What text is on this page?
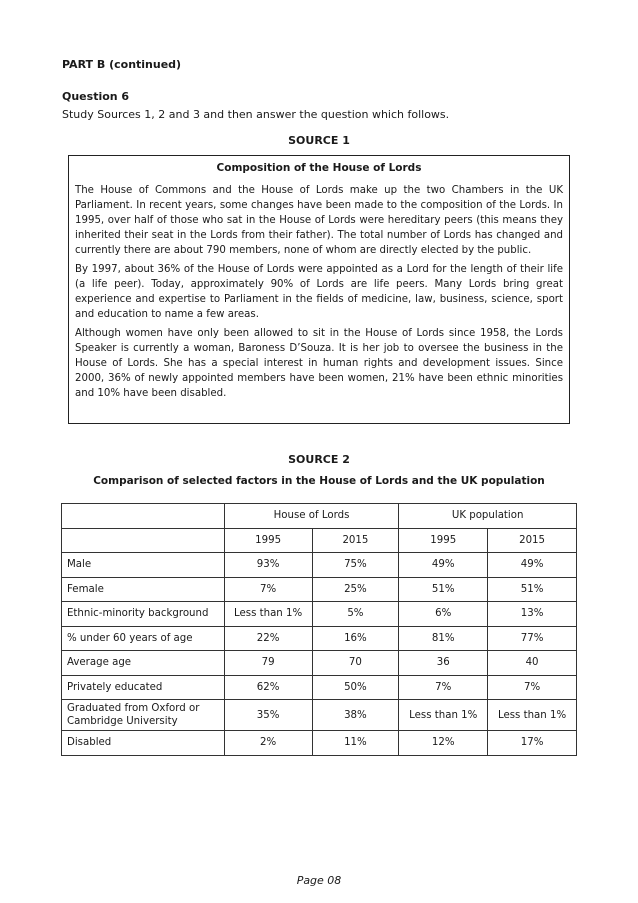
PART B (continued)
Question 6
Study Sources 1, 2 and 3 and then answer the question which follows.
SOURCE 1
Composition of the House of Lords

The House of Commons and the House of Lords make up the two Chambers in the UK Parliament. In recent years, some changes have been made to the composition of the Lords. In 1995, over half of those who sat in the House of Lords were hereditary peers (this means they inherited their seat in the Lords from their father). The total number of Lords has changed and currently there are about 790 members, none of whom are directly elected by the public.

By 1997, about 36% of the House of Lords were appointed as a Lord for the length of their life (a life peer). Today, approximately 90% of Lords are life peers. Many Lords bring great experience and expertise to Parliament in the fields of medicine, law, business, science, sport and education to name a few areas.

Although women have only been allowed to sit in the House of Lords since 1958, the Lords Speaker is currently a woman, Baroness D’Souza. It is her job to oversee the business in the House of Lords. She has a special interest in human rights and development issues. Since 2000, 36% of newly appointed members have been women, 21% have been ethnic minorities and 10% have been disabled.

SOURCE 2
Comparison of selected factors in the House of Lords and the UK population
	House of Lords		UK population	
	1995	2015	1995	2015
Male	93%	75%	49%	49%
Female	7%	25%	51%	51%
Ethnic-minority background	Less than 1%	5%	6%	13%
% under 60 years of age	22%	16%	81%	77%
Average age	79	70	36	40
Privately educated	62%	50%	7%	7%
Graduated from Oxford or Cambridge University	35%	38%	Less than 1%	Less than 1%
Disabled	2%	11%	12%	17%
Page 08
